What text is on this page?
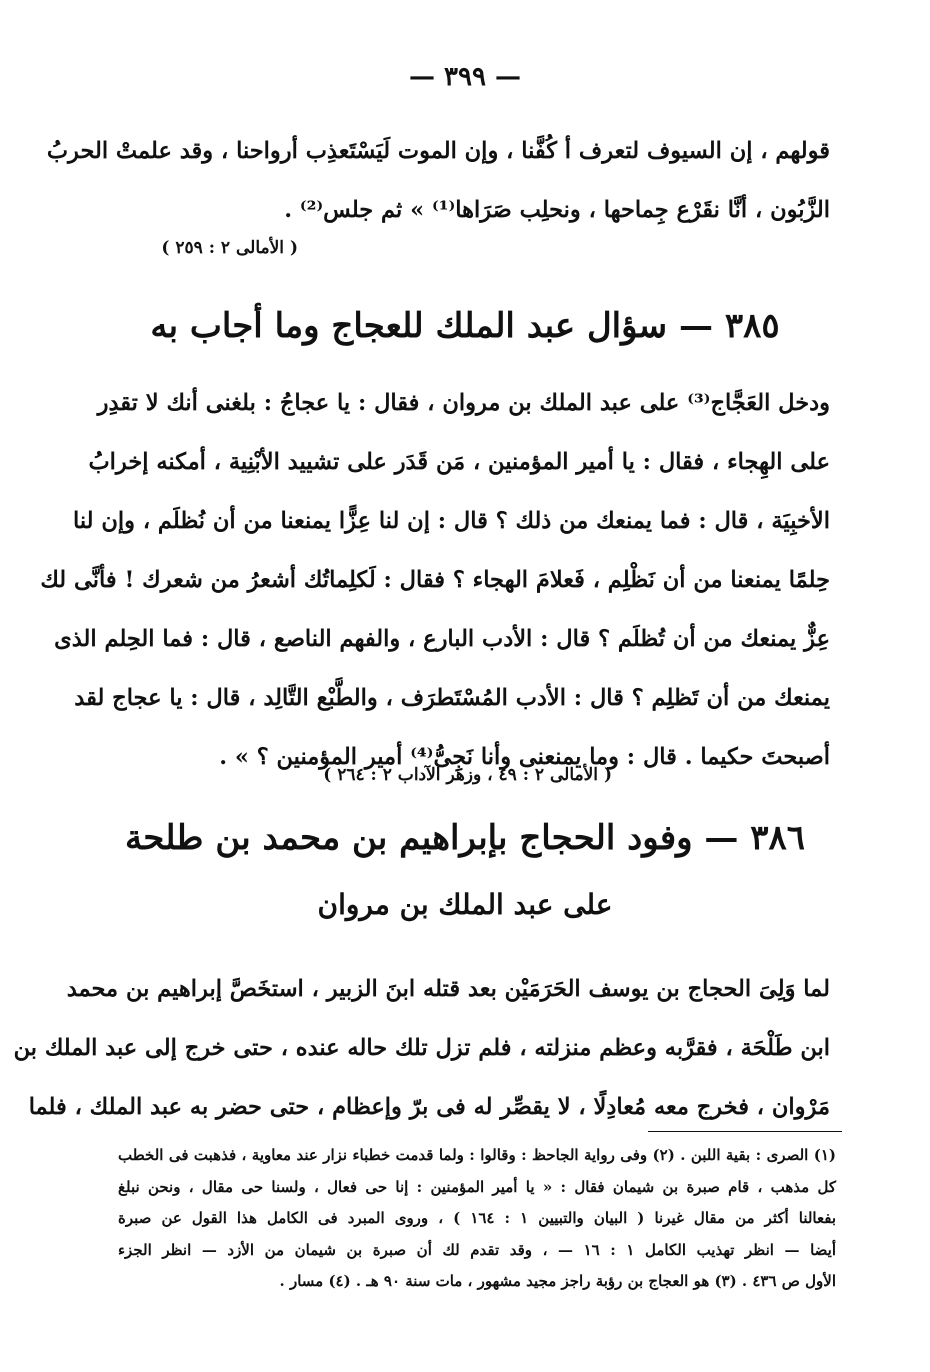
— ٣٩٩ —
قولهم ، إن السيوف لتعرف أ كُفَّنا ، وإن الموت لَيَسْتَعذِب أرواحنا ، وقد علمتْ الحربُ
الزَّبُون ، أنَّا نقَرْع جِماحها ، ونحلِب صَرَاها⁽¹⁾ » ثم جلس⁽²⁾ .
( الأمالى ٢ : ٢٥٩ )
٣٨٥ — سؤال عبد الملك للعجاج وما أجاب به
ودخل العَجَّاج⁽³⁾ على عبد الملك بن مروان ، فقال : يا عجاجُ : بلغنى أنك لا تقدِر
على الهِجاء ، فقال : يا أمير المؤمنين ، مَن قَدَر على تشييد الأبْنِية ، أمكنه إخرابُ
الأخبِيَة ، قال : فما يمنعك من ذلك ؟ قال : إن لنا عِزًّا يمنعنا من أن نُظلَم ، وإن لنا
حِلمًا يمنعنا من أن نَظْلِم ، فَعلامَ الهجاء ؟ فقال : لَكلِماتُك أشعرُ من شعرك ! فأنَّى لك
عِزٌّ يمنعك من أن تُظلَم ؟ قال : الأدب البارع ، والفهم الناصع ، قال : فما الحِلم الذى
يمنعك من أن تَظلِم ؟ قال : الأدب المُسْتَطرَف ، والطَّبْع التَّالِد ، قال : يا عجاج لقد
أصبحتَ حكيما . قال : وما يمنعنى وأنا نَجِىُّ⁽⁴⁾ أمير المؤمنين ؟ » .
( الأمالى ٢ : ٤٩ ، وزهر الآداب ٢ : ٢٦٤ )
٣٨٦ — وفود الحجاج بإبراهيم بن محمد بن طلحة
على عبد الملك بن مروان
لما وَلِىَ الحجاج بن يوسف الحَرَمَيْن بعد قتله ابنَ الزبير ، استخَصَّ إبراهيم بن محمد
ابن طَلْحَة ، فقرَّبه وعظم منزلته ، فلم تزل تلك حاله عنده ، حتى خرج إلى عبد الملك بن
مَرْوان ، فخرج معه مُعادِلًا ، لا يقصِّر له فى برّ وإعظام ، حتى حضر به عبد الملك ، فلما
(١) الصرى : بقية اللبن . (٢) وفى رواية الجاحظ : وقالوا : ولما قدمت خطباء نزار عند معاوية ، فذهبت فى الخطب
كل مذهب ، قام صبرة بن شيمان فقال : « يا أمير المؤمنين : إنا حى فعال ، ولسنا حى مقال ، ونحن نبلغ
بفعالنا أكثر من مقال غيرنا ( البيان والتبيين ١ : ١٦٤ ) ، وروى المبرد فى الكامل هذا القول عن صبرة
أيضا — انظر تهذيب الكامل ١ : ١٦ — ، وقد تقدم لك أن صبرة بن شيمان من الأزد — انظر الجزء
الأول ص ٤٣٦ . (٣) هو العجاج بن رؤبة راجز مجيد مشهور ، مات سنة ٩٠ هـ . (٤) مسار .
